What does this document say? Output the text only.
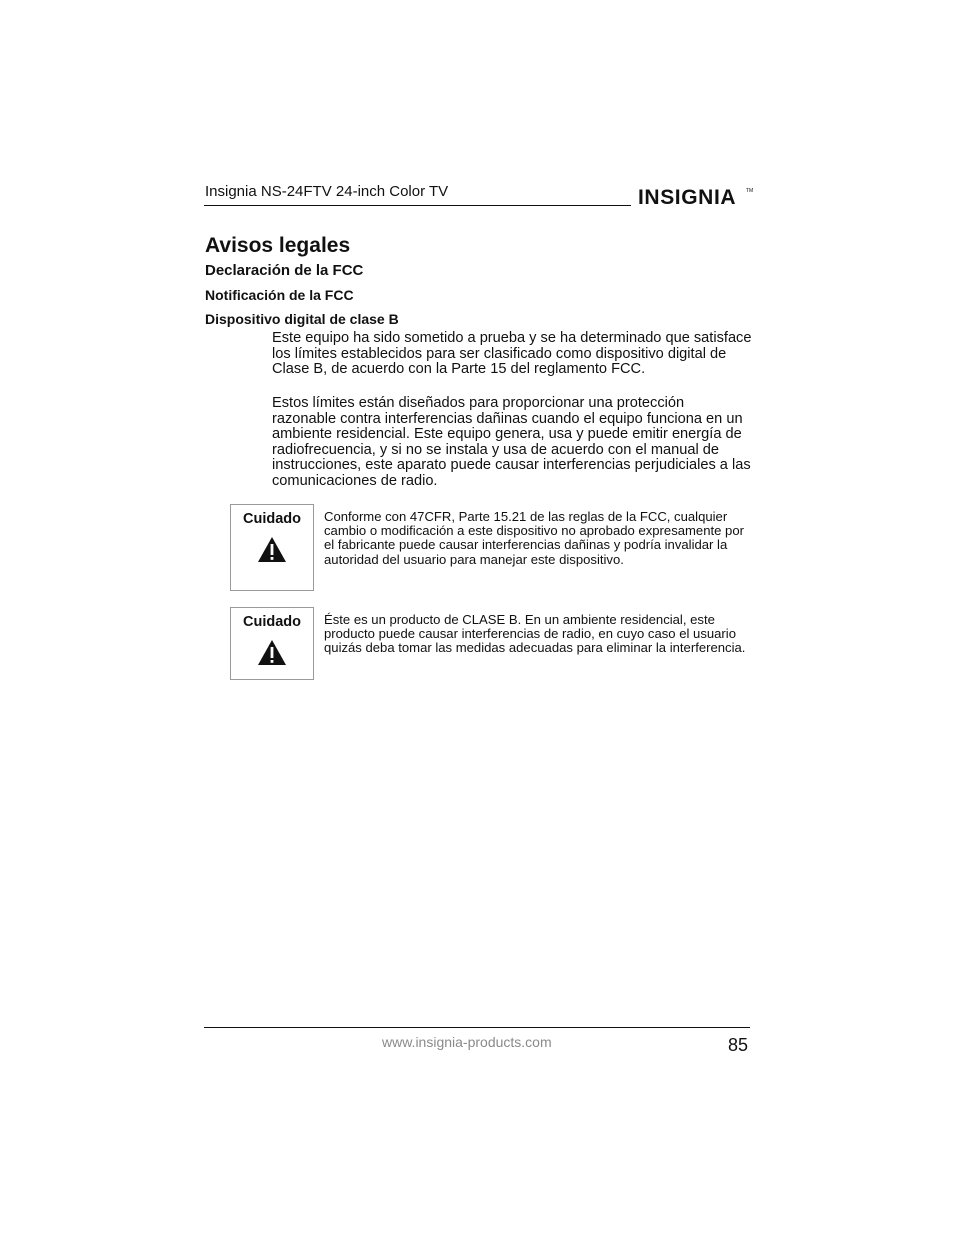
Insignia NS-24FTV 24-inch Color TV	INSIGNIA TM
Avisos legales
Declaración de la FCC
Notificación de la FCC
Dispositivo digital de clase B
Este equipo ha sido sometido a prueba y se ha determinado que satisface los límites establecidos para ser clasificado como dispositivo digital de Clase B, de acuerdo con la Parte 15 del reglamento FCC.
Estos límites están diseñados para proporcionar una protección razonable contra interferencias dañinas cuando el equipo funciona en un ambiente residencial. Este equipo genera, usa y puede emitir energía de radiofrecuencia, y si no se instala y usa de acuerdo con el manual de instrucciones, este aparato puede causar interferencias perjudiciales a las comunicaciones de radio.
Cuidado	Conforme con 47CFR, Parte 15.21 de las reglas de la FCC, cualquier cambio o modificación a este dispositivo no aprobado expresamente por el fabricante puede causar interferencias dañinas y podría invalidar la autoridad del usuario para manejar este dispositivo.
Cuidado	Éste es un producto de CLASE B. En un ambiente residencial, este producto puede causar interferencias de radio, en cuyo caso el usuario quizás deba tomar las medidas adecuadas para eliminar la interferencia.
www.insignia-products.com	85
